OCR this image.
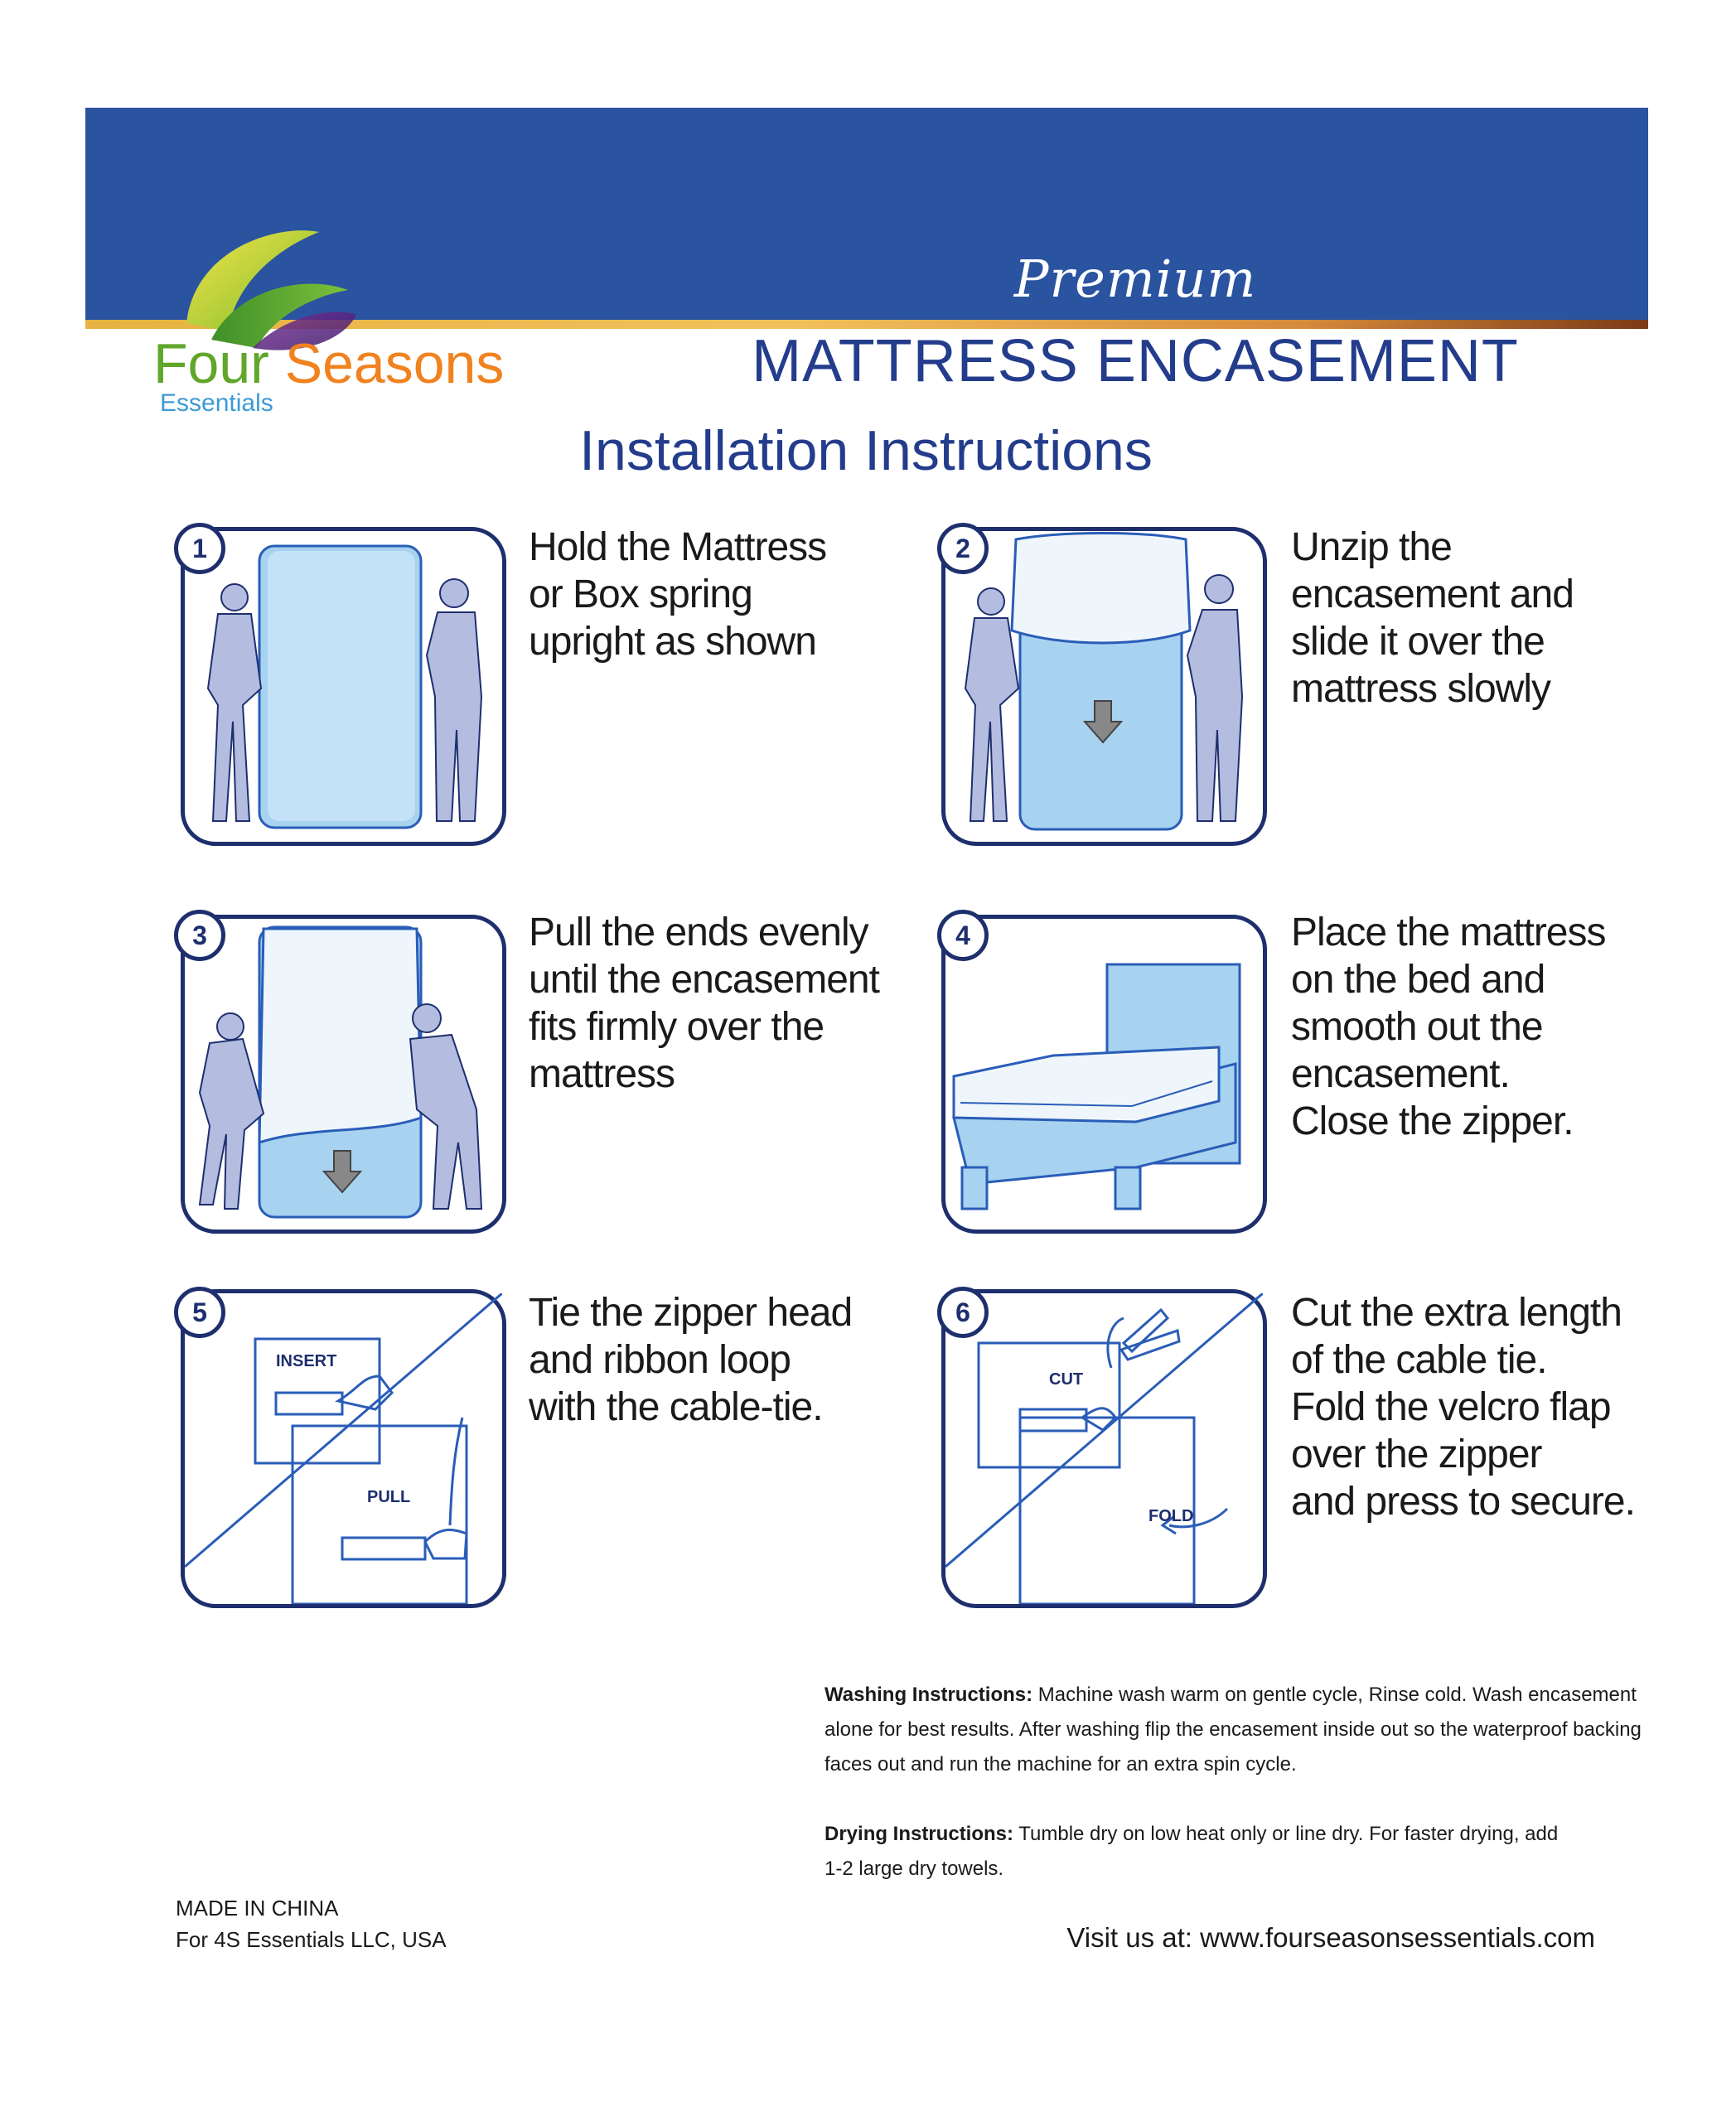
Premium
MATTRESS ENCASEMENT
Installation Instructions
Four Seasons
Essentials
1	Hold the Mattress
or Box spring
upright as shown
2	Unzip the
encasement and
slide it over the
mattress slowly
3	Pull the ends evenly
until the encasement
fits firmly over the
mattress
4	Place the mattress
on the bed and
smooth out the
encasement.
Close the zipper.
INSERT
PULL
5	Tie the zipper head
and ribbon loop
with the cable-tie.
CUT
FOLD
6	Cut the extra length
of the cable tie.
Fold the velcro flap
over the zipper
and press to secure.
Washing Instructions: Machine wash warm on gentle cycle, Rinse cold. Wash encasement
alone for best results. After washing flip the encasement inside out so the waterproof backing
faces out and run the machine for an extra spin cycle.
Drying Instructions: Tumble dry on low heat only or line dry. For faster drying, add
1-2 large dry towels.
MADE IN CHINA
For 4S Essentials LLC, USA	Visit us at: www.fourseasonsessentials.com
